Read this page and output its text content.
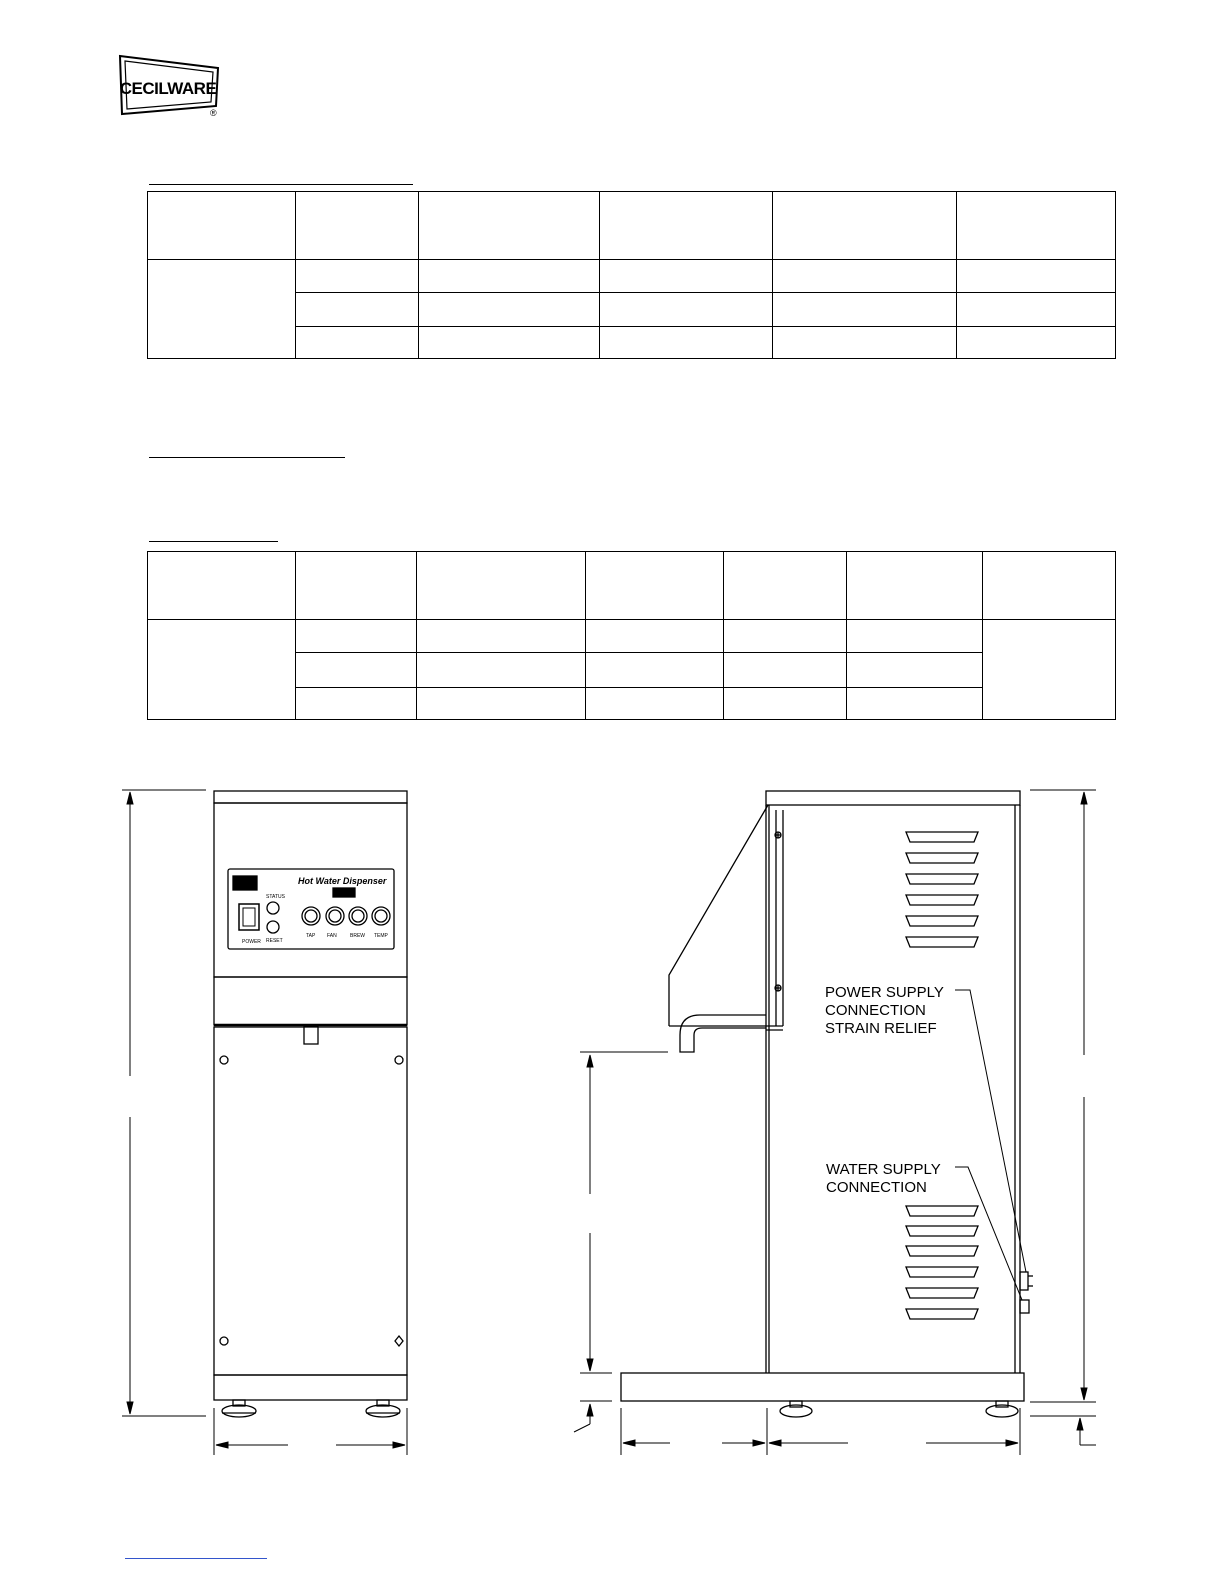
CECILWARE
®

Hot Water Dispenser
POWER
STATUS
RESET
TAP FAN	BREW TEMP
POWER SUPPLY
CONNECTION
STRAIN RELIEF
WATER SUPPLY
CONNECTION
